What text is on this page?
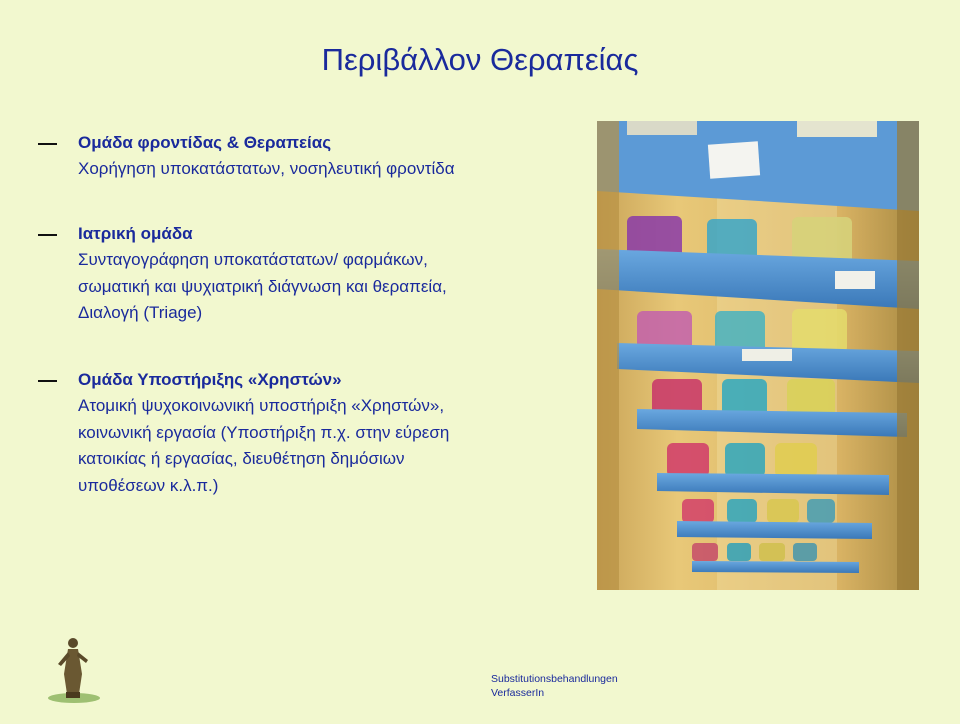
Περιβάλλον Θεραπείας
Ομάδα φροντίδας & Θεραπείας
Χορήγηση υποκατάστατων, νοσηλευτική φροντίδα
Ιατρική ομάδα
Συνταγογράφηση υποκατάστατων/ φαρμάκων,
σωματική και ψυχιατρική διάγνωση και θεραπεία,
Διαλογή (Triage)
Ομάδα Υποστήριξης «Χρηστών»
Ατομική ψυχοκοινωνική υποστήριξη «Χρηστών»,
κοινωνική εργασία (Υποστήριξη π.χ. στην εύρεση
κατοικίας ή εργασίας, διευθέτηση δημόσιων
υποθέσεων κ.λ.π.)
Substitutionsbehandlungen
VerfasserIn
